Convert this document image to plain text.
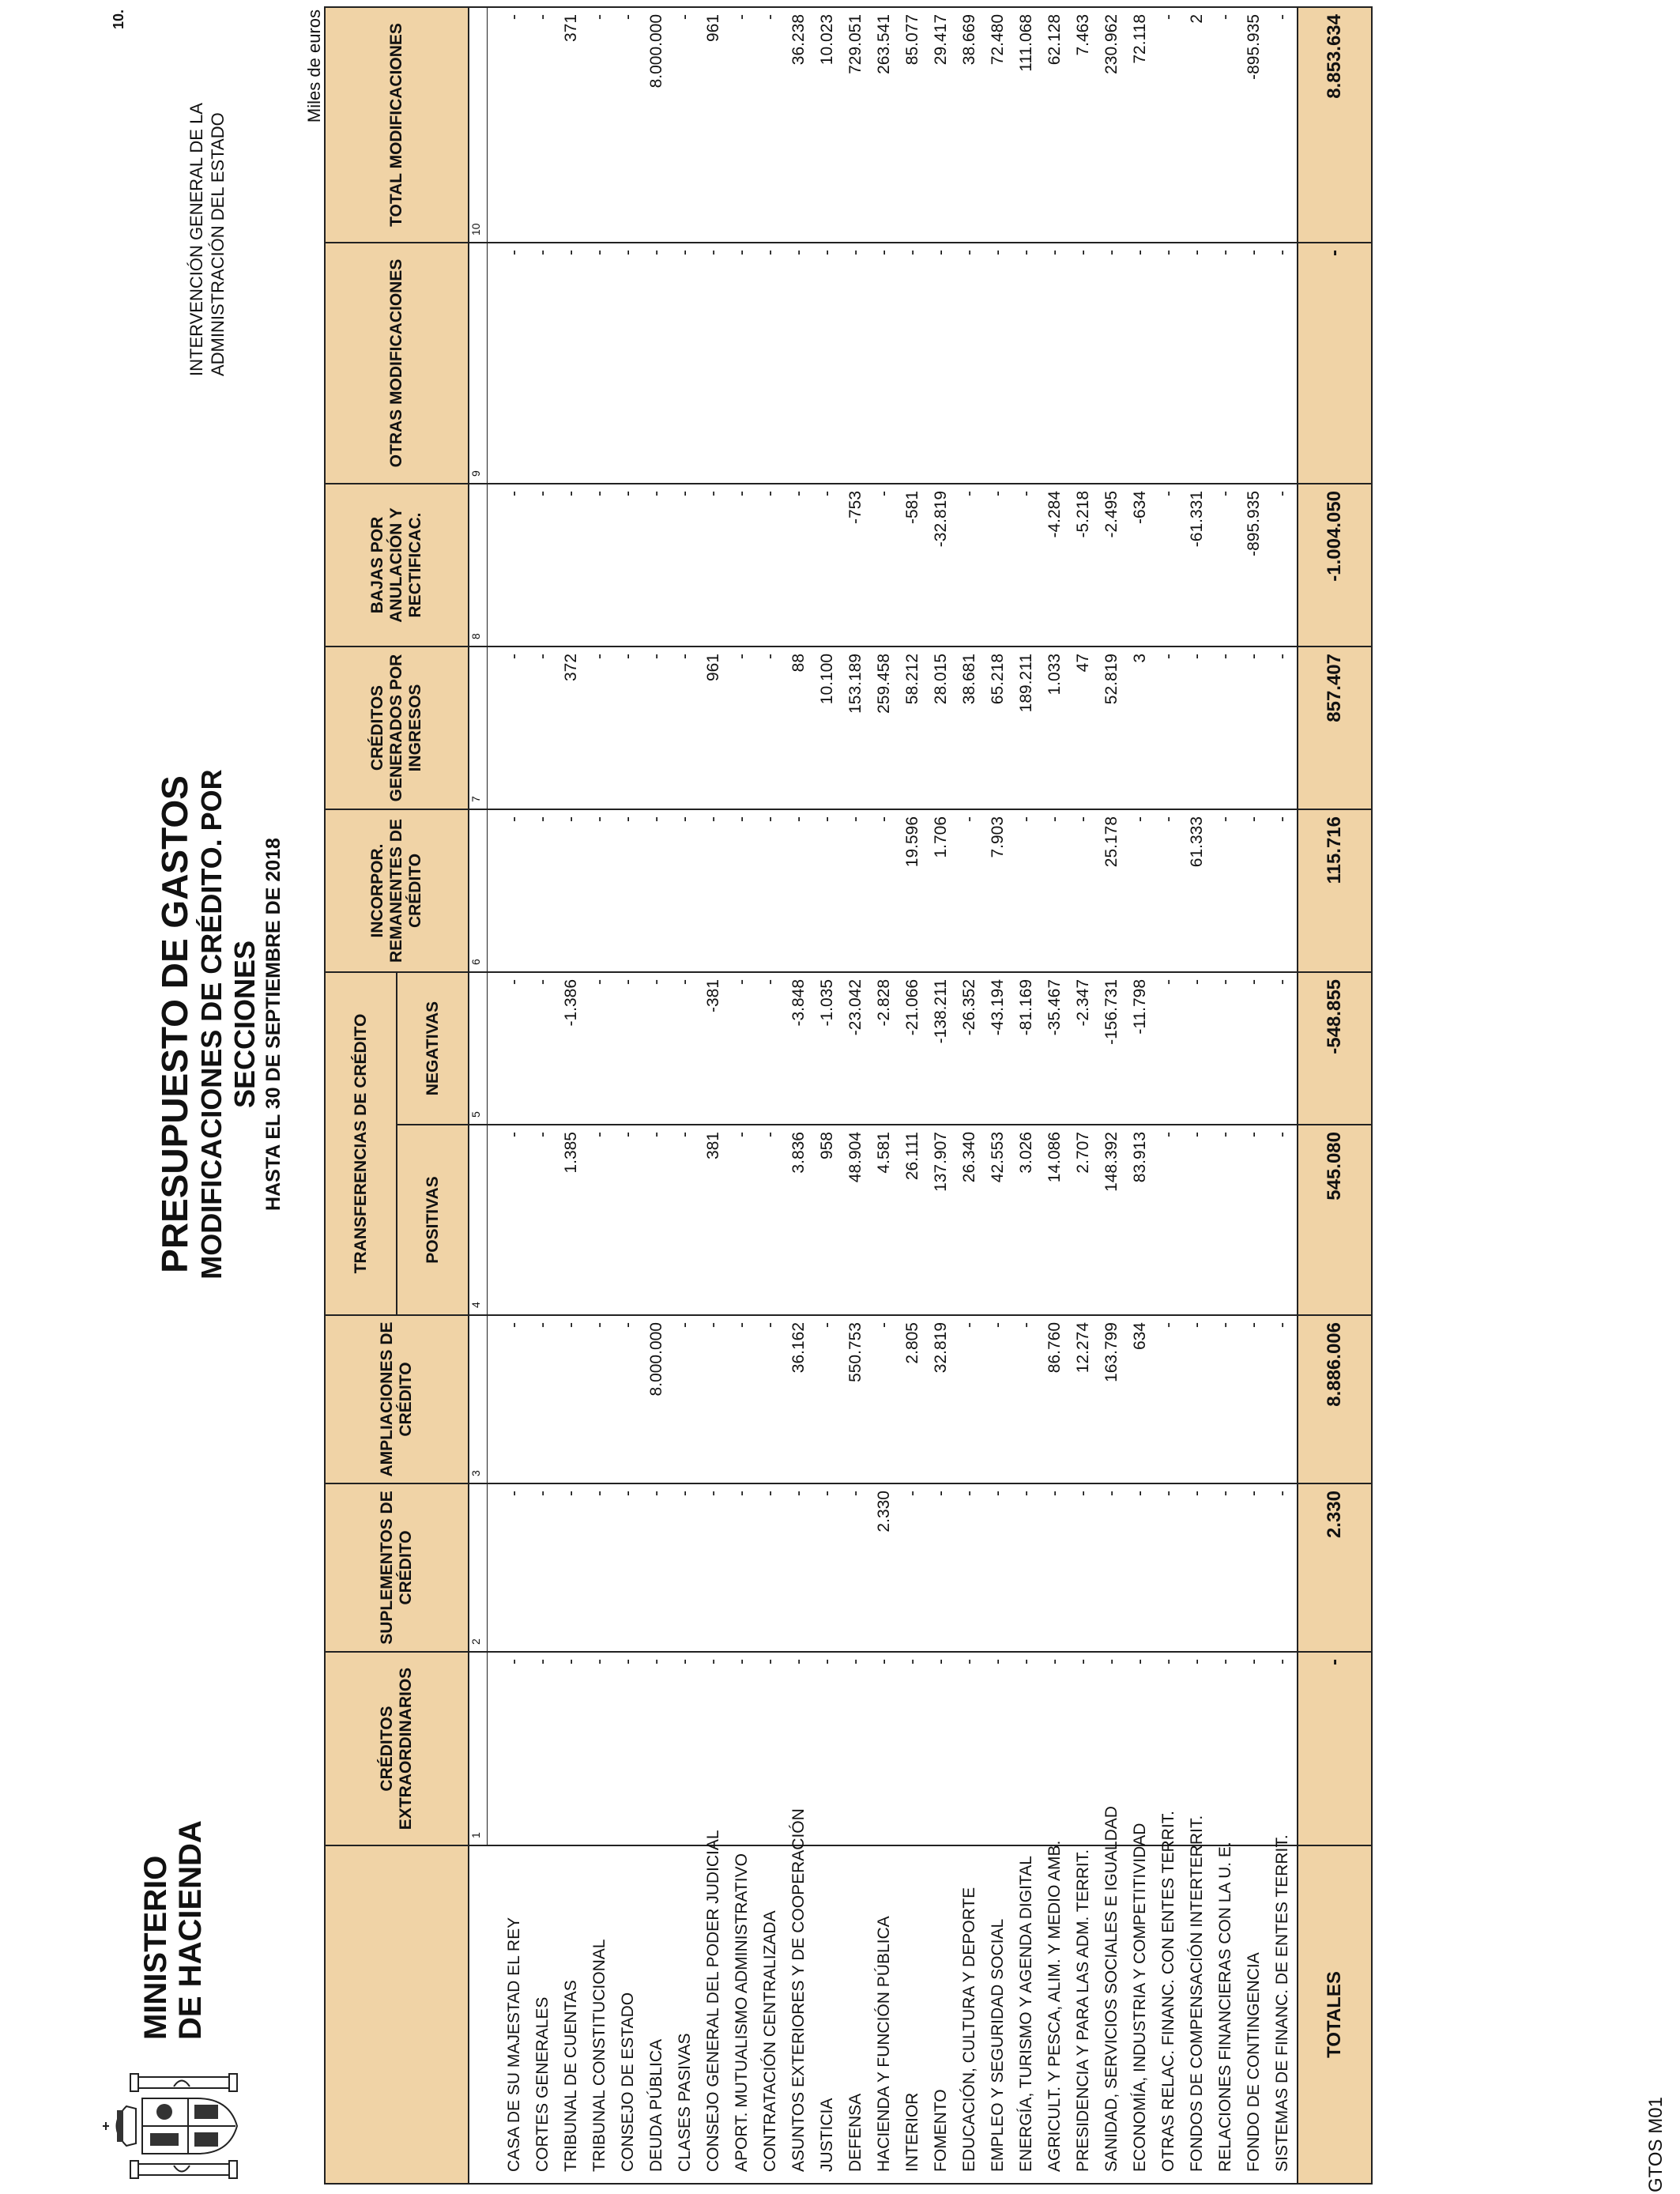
10.
MINISTERIO DE HACIENDA
PRESUPUESTO DE GASTOS MODIFICACIONES DE CRÉDITO. POR SECCIONES HASTA EL 30 DE SEPTIEMBRE DE 2018
INTERVENCIÓN GENERAL DE LA ADMINISTRACIÓN DEL ESTADO
Miles de euros
	CRÉDITOS EXTRAORDINARIOS	SUPLEMENTOS DE CRÉDITO	AMPLIACIONES DE CRÉDITO	TRANSFERENCIAS DE CRÉDITO		INCORPOR. REMANENTES DE CRÉDITO	CRÉDITOS GENERADOS POR INGRESOS	BAJAS POR ANULACIÓN Y RECTIFICAC.	OTRAS MODIFICACIONES	TOTAL MODIFICACIONES
				POSITIVAS	NEGATIVAS					
	1	2	3	4	5	6	7	8	9	10

CASA DE SU MAJESTAD EL REY	-	-	-	-	-	-	-	-	-	-
CORTES GENERALES	-	-	-	-	-	-	-	-	-	-
TRIBUNAL DE CUENTAS	-	-	-	1.385	-1.386	-	372	-	-	371
TRIBUNAL CONSTITUCIONAL	-	-	-	-	-	-	-	-	-	-
CONSEJO DE ESTADO	-	-	-	-	-	-	-	-	-	-
DEUDA PÚBLICA	-	-	8.000.000	-	-	-	-	-	-	8.000.000
CLASES PASIVAS	-	-	-	-	-	-	-	-	-	-
CONSEJO GENERAL DEL PODER JUDICIAL	-	-	-	381	-381	-	961	-	-	961
APORT. MUTUALISMO ADMINISTRATIVO	-	-	-	-	-	-	-	-	-	-
CONTRATACIÓN CENTRALIZADA	-	-	-	-	-	-	-	-	-	-
ASUNTOS EXTERIORES Y DE COOPERACIÓN	-	-	36.162	3.836	-3.848	-	88	-	-	36.238
JUSTICIA	-	-	-	958	-1.035	-	10.100	-	-	10.023
DEFENSA	-	-	550.753	48.904	-23.042	-	153.189	-753	-	729.051
HACIENDA Y FUNCIÓN PÚBLICA	-	2.330	-	4.581	-2.828	-	259.458	-	-	263.541
INTERIOR	-	-	2.805	26.111	-21.066	19.596	58.212	-581	-	85.077
FOMENTO	-	-	32.819	137.907	-138.211	1.706	28.015	-32.819	-	29.417
EDUCACIÓN, CULTURA Y DEPORTE	-	-	-	26.340	-26.352	-	38.681	-	-	38.669
EMPLEO Y SEGURIDAD SOCIAL	-	-	-	42.553	-43.194	7.903	65.218	-	-	72.480
ENERGÍA, TURISMO Y AGENDA DIGITAL	-	-	-	3.026	-81.169	-	189.211	-	-	111.068
AGRICULT. Y PESCA, ALIM. Y MEDIO AMB.	-	-	86.760	14.086	-35.467	-	1.033	-4.284	-	62.128
PRESIDENCIA Y PARA LAS ADM. TERRIT.	-	-	12.274	2.707	-2.347	-	47	-5.218	-	7.463
SANIDAD, SERVICIOS SOCIALES E IGUALDAD	-	-	163.799	148.392	-156.731	25.178	52.819	-2.495	-	230.962
ECONOMÍA, INDUSTRIA Y COMPETITIVIDAD	-	-	634	83.913	-11.798	-	3	-634	-	72.118
OTRAS RELAC. FINANC. CON ENTES TERRIT.	-	-	-	-	-	-	-	-	-	-
FONDOS DE COMPENSACIÓN INTERTERRIT.	-	-	-	-	-	61.333	-	-61.331	-	2
RELACIONES FINANCIERAS CON LA U. E.	-	-	-	-	-	-	-	-	-	-
FONDO DE CONTINGENCIA	-	-	-	-	-	-	-	-895.935	-	-895.935
SISTEMAS DE FINANC. DE ENTES TERRIT.	-	-	-	-	-	-	-	-	-	-
TOTALES	-	2.330	8.886.006	545.080	-548.855	115.716	857.407	-1.004.050	-	8.853.634
GTOS M01
